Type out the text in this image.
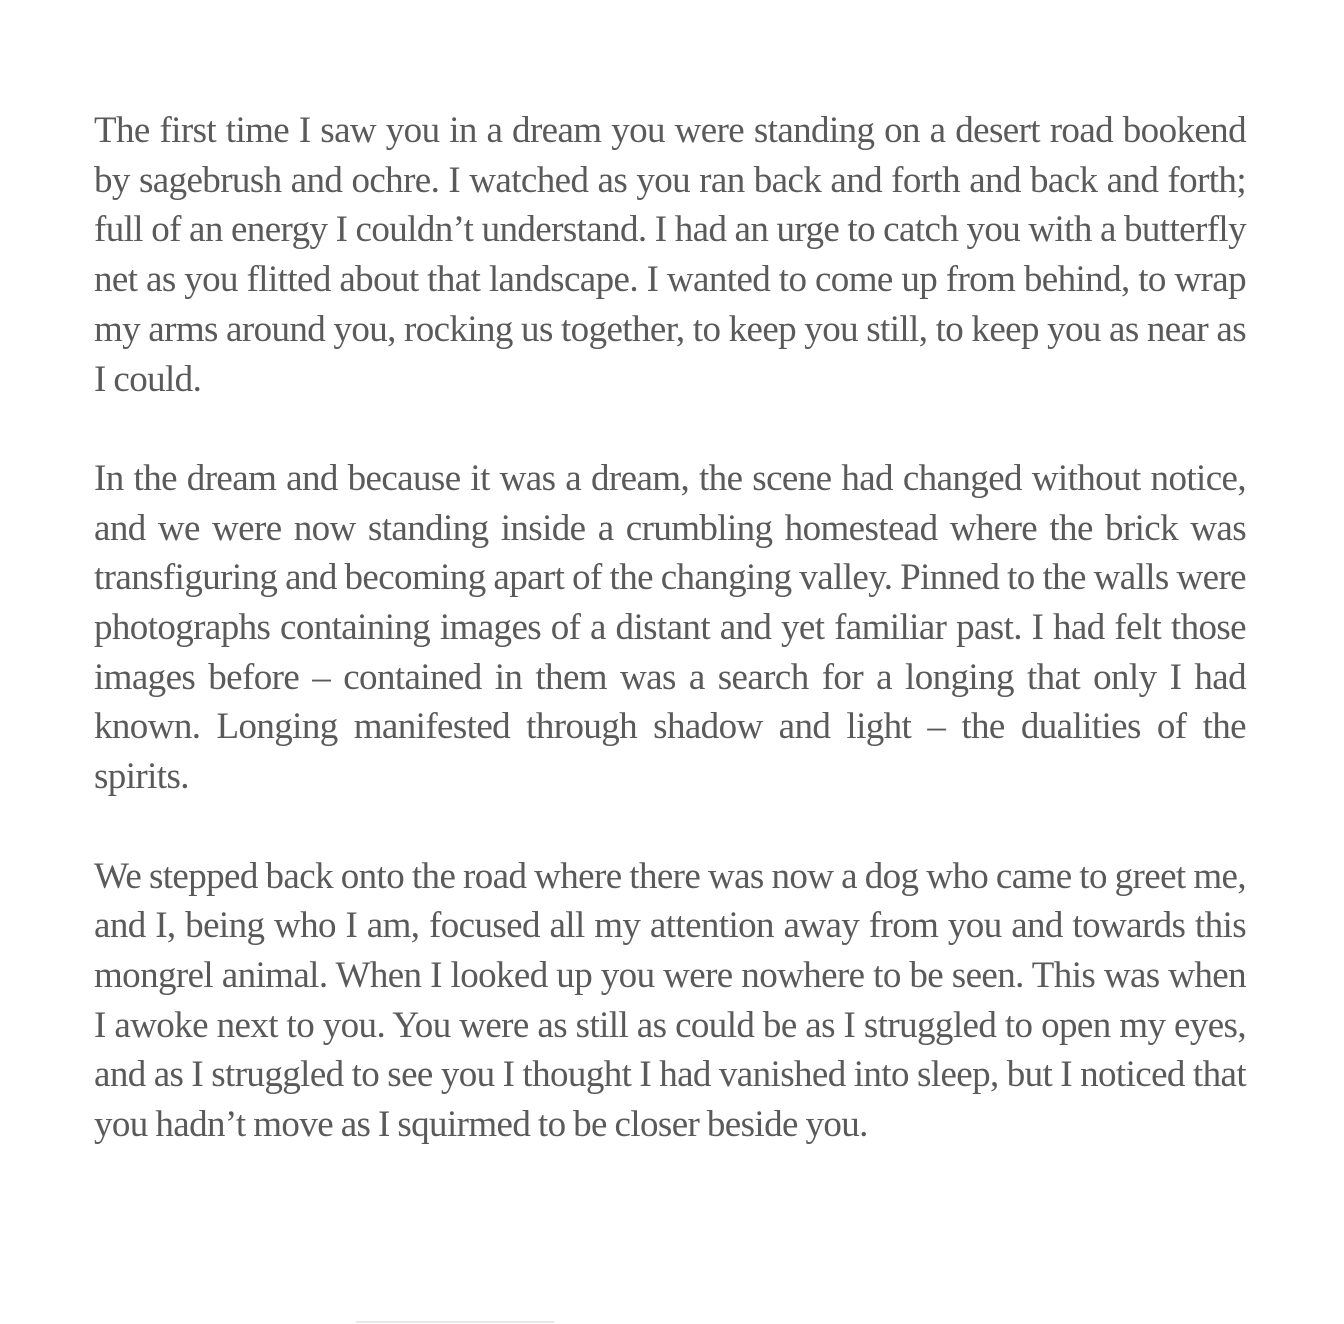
The first time I saw you in a dream you were standing on a desert road bookend by sagebrush and ochre. I watched as you ran back and forth and back and forth; full of an energy I couldn’t understand. I had an urge to catch you with a butterfly net as you flitted about that landscape. I wanted to come up from behind, to wrap my arms around you, rocking us together, to keep you still, to keep you as near as I could.

In the dream and because it was a dream, the scene had changed without notice, and we were now standing inside a crumbling homestead where the brick was transfiguring and becoming apart of the changing valley. Pinned to the walls were photographs containing images of a distant and yet familiar past. I had felt those images before – contained in them was a search for a longing that only I had known. Longing manifested through shadow and light – the dualities of the spirits.

We stepped back onto the road where there was now a dog who came to greet me, and I, being who I am, focused all my attention away from you and towards this mongrel animal. When I looked up you were nowhere to be seen. This was when I awoke next to you. You were as still as could be as I struggled to open my eyes, and as I struggled to see you I thought I had vanished into sleep, but I noticed that you hadn’t move as I squirmed to be closer beside you.
